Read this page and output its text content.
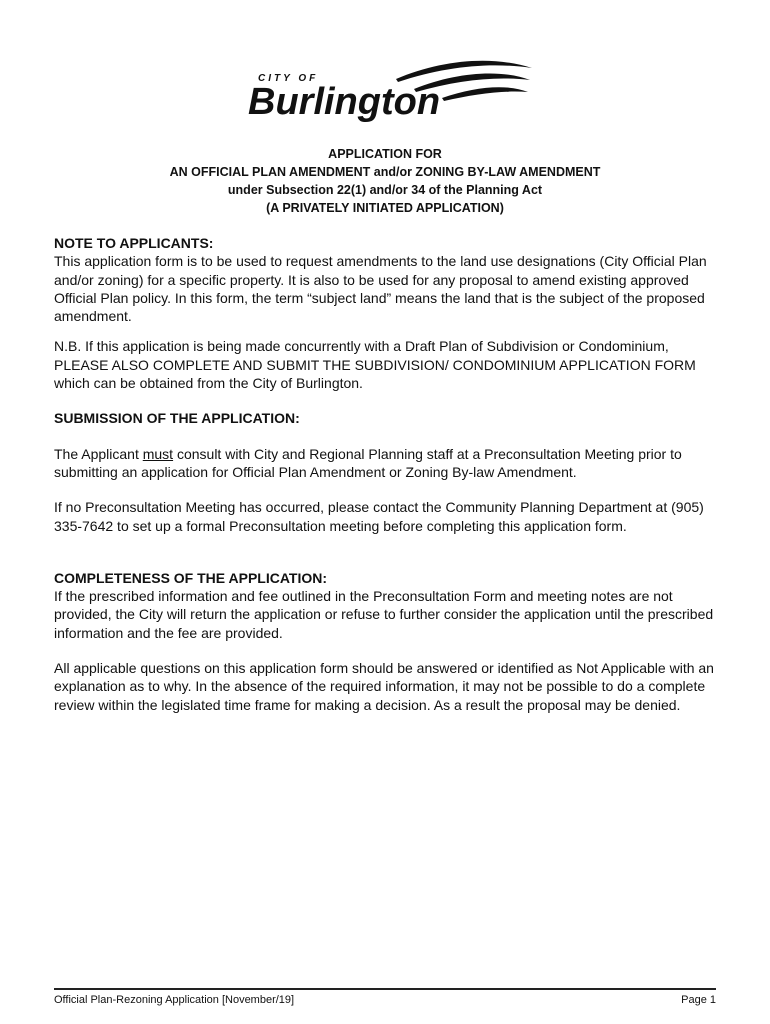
CITY OF
Burlington
APPLICATION FOR
AN OFFICIAL PLAN AMENDMENT and/or ZONING BY-LAW AMENDMENT
under Subsection 22(1) and/or 34 of the Planning Act
(A PRIVATELY INITIATED APPLICATION)
NOTE TO APPLICANTS:

This application form is to be used to request amendments to the land use designations (City Official Plan and/or zoning) for a specific property. It is also to be used for any proposal to amend existing approved Official Plan policy. In this form, the term “subject land” means the land that is the subject of the proposed amendment.

N.B. If this application is being made concurrently with a Draft Plan of Subdivision or Condominium, PLEASE ALSO COMPLETE AND SUBMIT THE SUBDIVISION/ CONDOMINIUM APPLICATION FORM which can be obtained from the City of Burlington.

SUBMISSION OF THE APPLICATION:

The Applicant must consult with City and Regional Planning staff at a Preconsultation Meeting prior to submitting an application for Official Plan Amendment or Zoning By-law Amendment.

If no Preconsultation Meeting has occurred, please contact the Community Planning Department at (905) 335-7642 to set up a formal Preconsultation meeting before completing this application form.

COMPLETENESS OF THE APPLICATION:

If the prescribed information and fee outlined in the Preconsultation Form and meeting notes are not provided, the City will return the application or refuse to further consider the application until the prescribed information and the fee are provided.

All applicable questions on this application form should be answered or identified as Not Applicable with an explanation as to why. In the absence of the required information, it may not be possible to do a complete review within the legislated time frame for making a decision. As a result the proposal may be denied.

Official Plan-Rezoning Application [November/19]	Page 1
